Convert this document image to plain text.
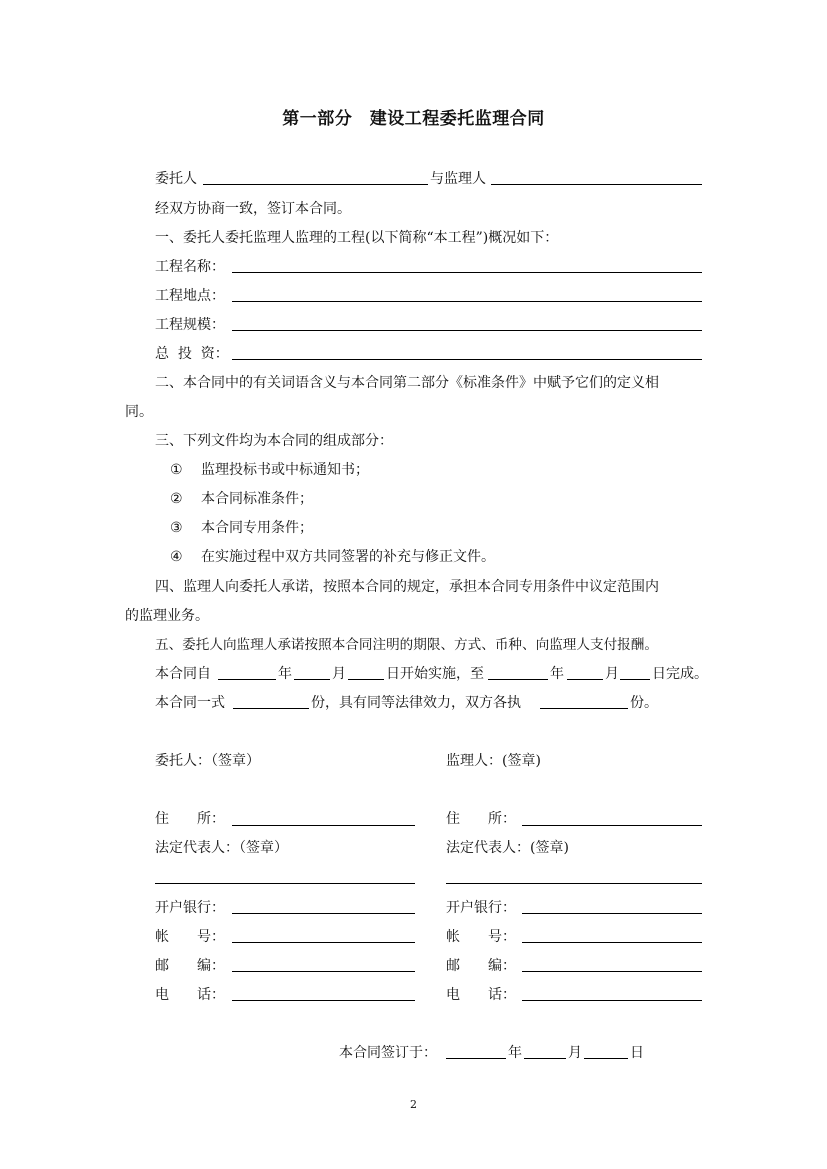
第一部分　建设工程委托监理合同
委托人	与监理人
经双方协商一致，签订本合同。
一、委托人委托监理人监理的工程(以下简称“本工程”)概况如下：
工程名称：
工程地点：
工程规模：
总  投  资：
二、本合同中的有关词语含义与本合同第二部分《标准条件》中赋予它们的定义相
同。
三、下列文件均为本合同的组成部分：
① 监理投标书或中标通知书；
② 本合同标准条件；
③ 本合同专用条件；
④ 在实施过程中双方共同签署的补充与修正文件。
四、监理人向委托人承诺，按照本合同的规定，承担本合同专用条件中议定范围内
的监理业务。
五、委托人向监理人承诺按照本合同注明的期限、方式、币种、向监理人支付报酬。
本合同自	年	月	日开始实施，至	年	月 日完成。
本合同一式	份，具有同等法律效力，双方各执	份。
委托人：（签章）	监理人：(签章)
住　　所：	住　　所：
法定代表人：（签章）	法定代表人：(签章)
开户银行：	开户银行：
帐　　号：	帐　　号：
邮　　编：	邮　　编：
电　　话：	电　　话：
本合同签订于：	年	月	日
2
